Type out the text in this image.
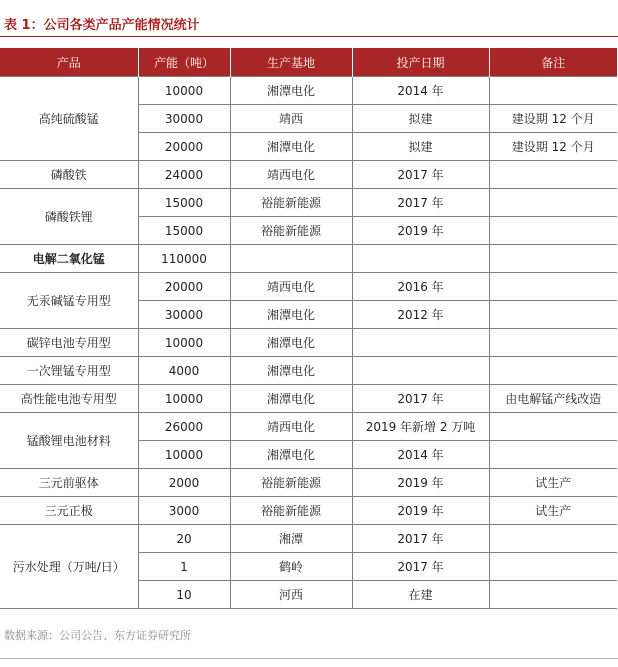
表 1：公司各类产品产能情况统计
产品	产能（吨）	生产基地	投产日期	备注
高纯硫酸锰	10000	湘潭电化	2014 年	
	30000	靖西	拟建	建设期 12 个月
	20000	湘潭电化	拟建	建设期 12 个月
磷酸铁	24000	靖西电化	2017 年	
磷酸铁锂	15000	裕能新能源	2017 年	
	15000	裕能新能源	2019 年	
电解二氧化锰	110000			
无汞碱锰专用型	20000	靖西电化	2016 年	
	30000	湘潭电化	2012 年	
碳锌电池专用型	10000	湘潭电化		
一次锂锰专用型	4000	湘潭电化		
高性能电池专用型	10000	湘潭电化	2017 年	由电解锰产线改造
锰酸锂电池材料	26000	靖西电化	2019 年新增 2 万吨	
	10000	湘潭电化	2014 年	
三元前驱体	2000	裕能新能源	2019 年	试生产
三元正极	3000	裕能新能源	2019 年	试生产
污水处理（万吨/日）	20	湘潭	2017 年	
	1	鹤岭	2017 年	
	10	河西	在建	
数据来源：公司公告、东方证券研究所
